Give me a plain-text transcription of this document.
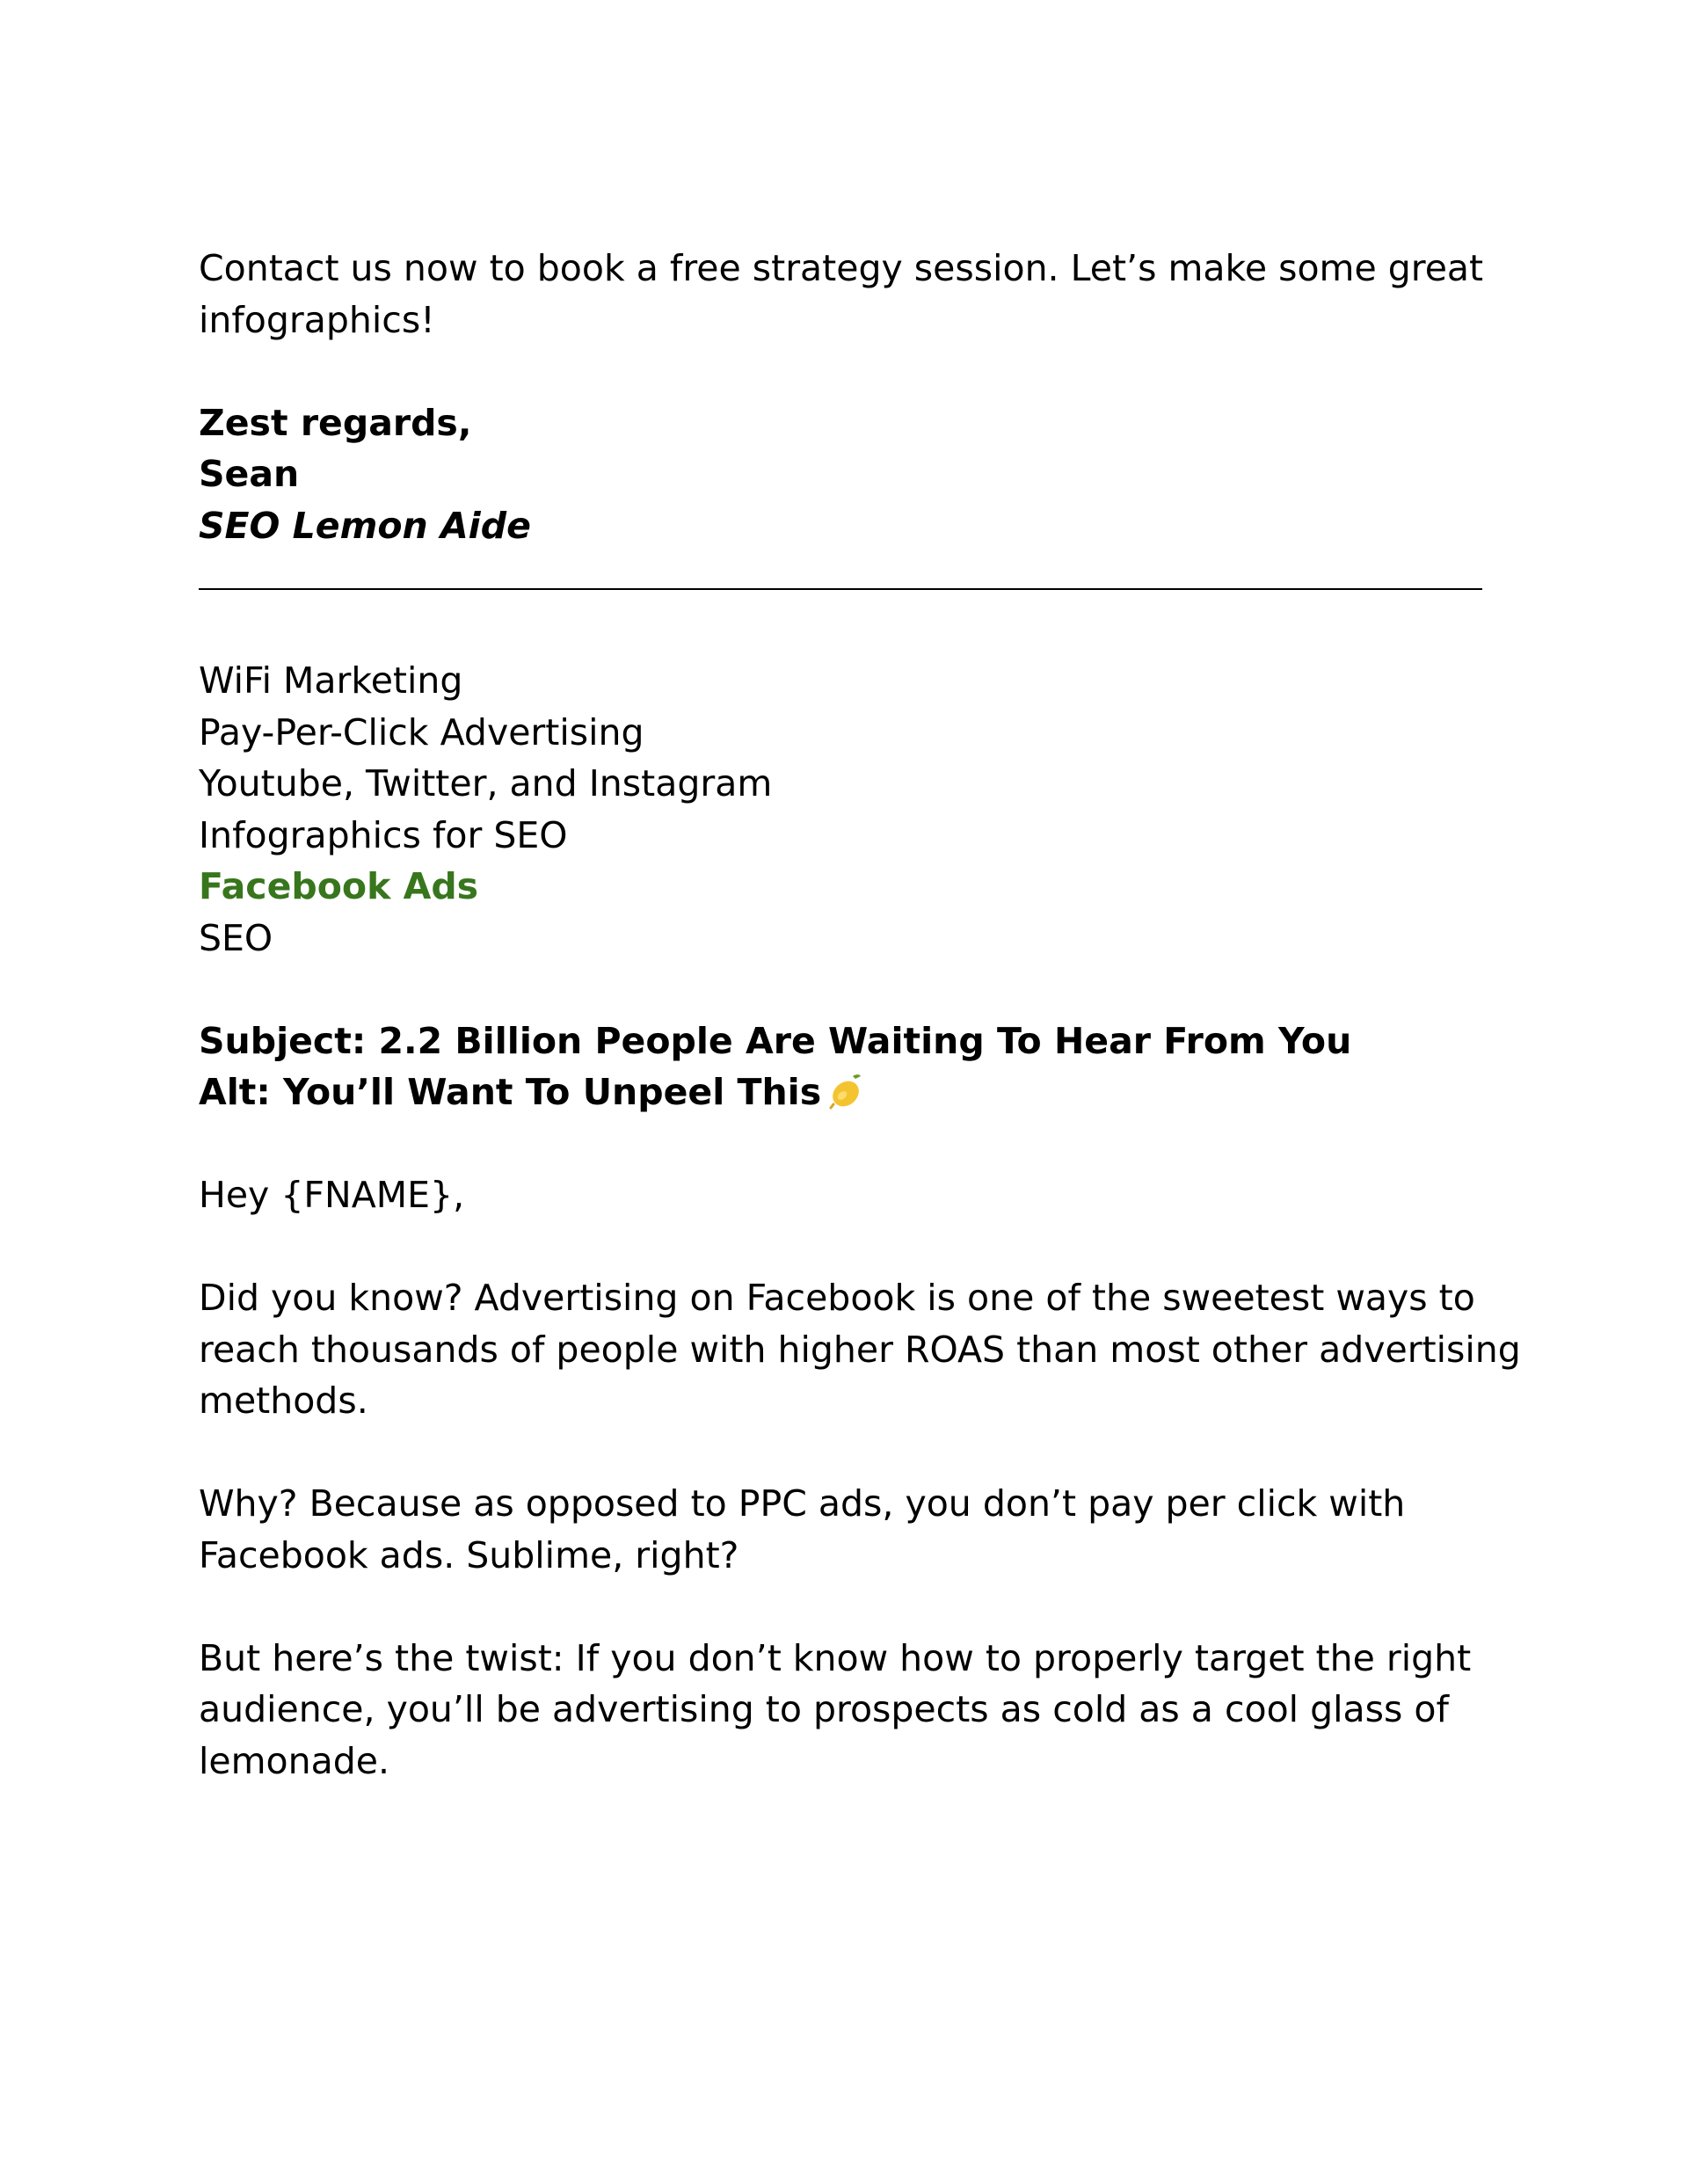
Contact us now to book a free strategy session. Let’s make some great
infographics!
Zest regards,
Sean
SEO Lemon Aide
WiFi Marketing
Pay-Per-Click Advertising
Youtube, Twitter, and Instagram
Infographics for SEO
Facebook Ads
SEO
Subject: 2.2 Billion People Are Waiting To Hear From You
Alt: You’ll Want To Unpeel This
Hey {FNAME},
Did you know? Advertising on Facebook is one of the sweetest ways to
reach thousands of people with higher ROAS than most other advertising
methods.
Why? Because as opposed to PPC ads, you don’t pay per click with
Facebook ads. Sublime, right?
But here’s the twist: If you don’t know how to properly target the right
audience, you’ll be advertising to prospects as cold as a cool glass of
lemonade.
